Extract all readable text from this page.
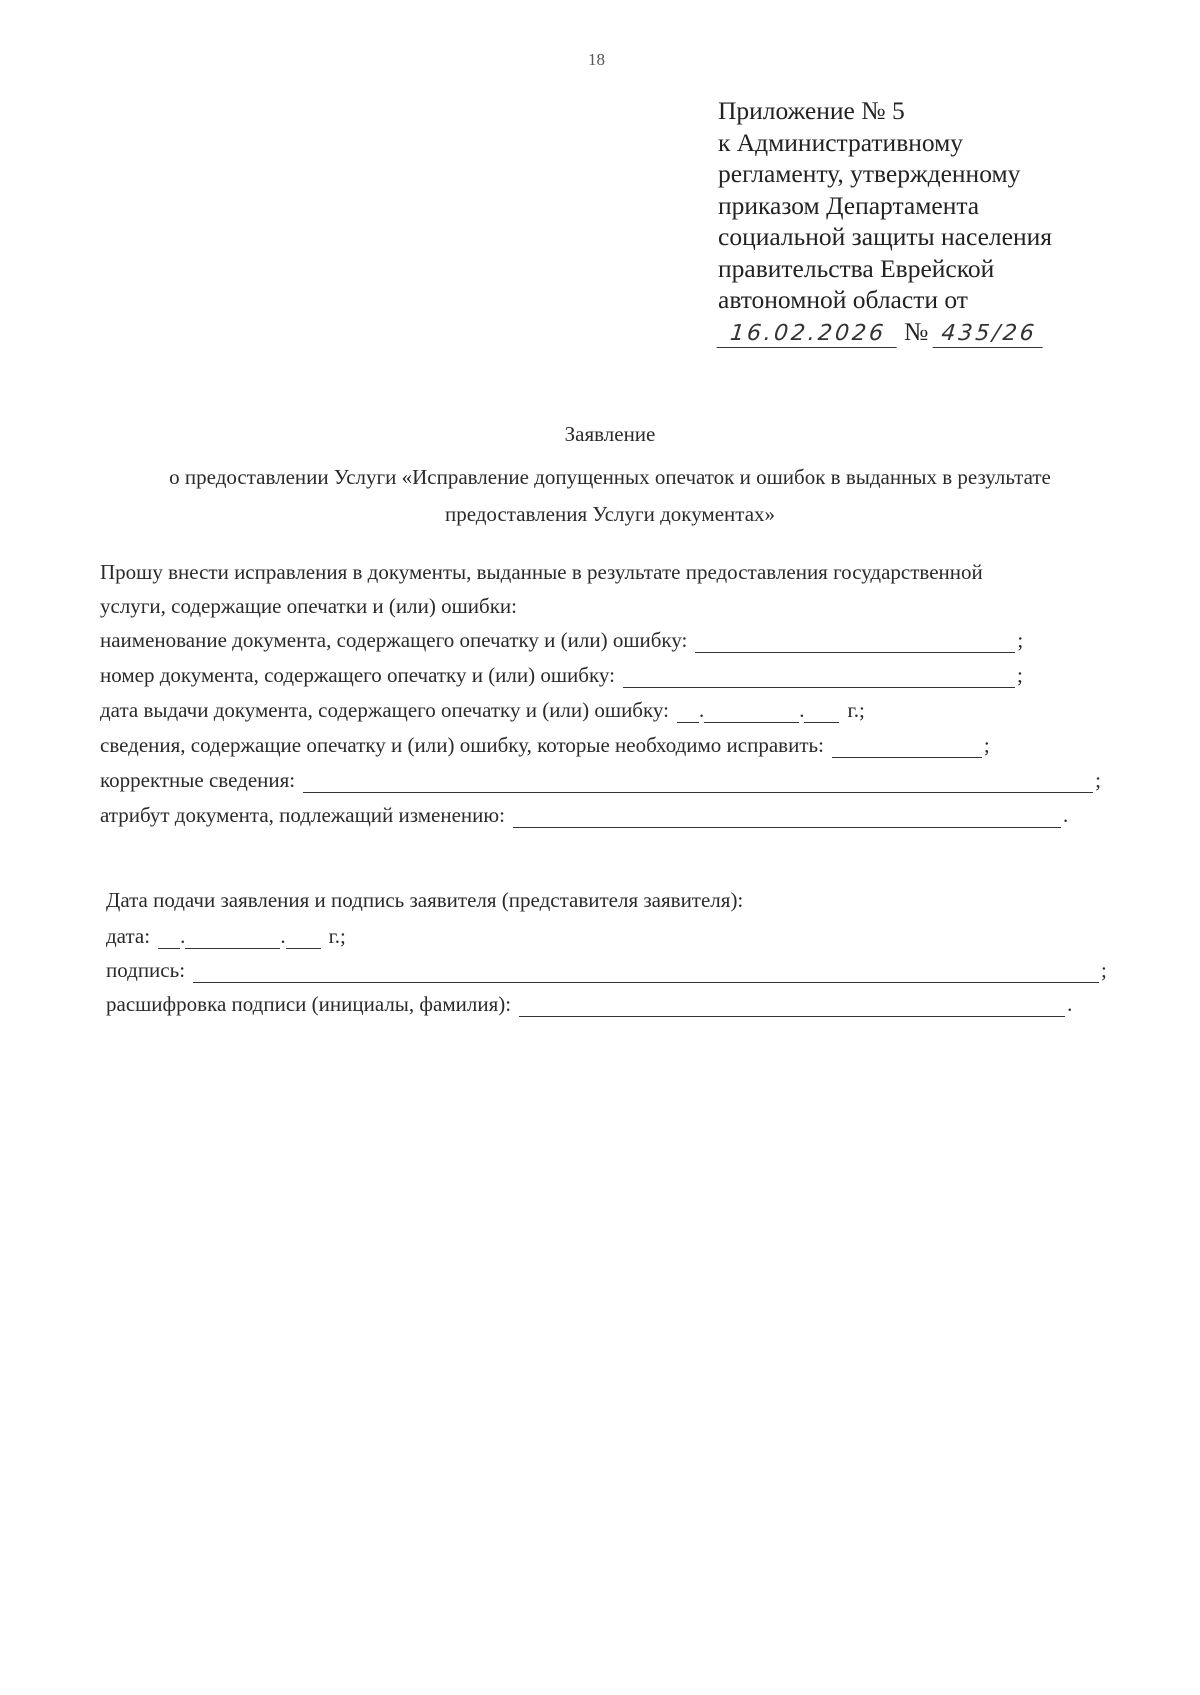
18
Приложение № 5
к Административному
регламенту, утвержденному
приказом Департамента
социальной защиты населения
правительства Еврейской
автономной области от
16.02.2026 № 435/26
Заявление
о предоставлении Услуги «Исправление допущенных опечаток и ошибок в выданных в результате
предоставления Услуги документах»
Прошу внести исправления в документы, выданные в результате предоставления государственной
услуги, содержащие опечатки и (или) ошибки:
наименование документа, содержащего опечатку и (или) ошибку:	;
номер документа, содержащего опечатку и (или) ошибку:	;
дата выдачи документа, содержащего опечатку и (или) ошибку: .	. г.;
сведения, содержащие опечатку и (или) ошибку, которые необходимо исправить:	;
корректные сведения:	;
атрибут документа, подлежащий изменению:	.
Дата подачи заявления и подпись заявителя (представителя заявителя):
дата: .	. г.;
подпись:	;
расшифровка подписи (инициалы, фамилия):	.
